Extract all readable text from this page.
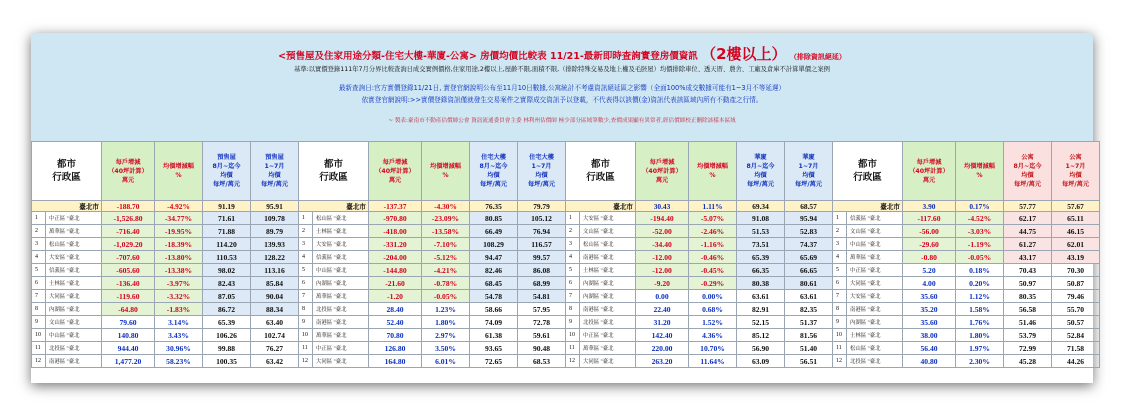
<預售屋及住家用途分類-住宅大樓-華廈-公寓> 房價均價比較表 11/21-最新即時查詢實登房價資訊 （2樓以上） （排除資訊絕延）
基準:以實價登錄111年7月分界比較查詢日成交實例價格,住家用途,2樓以上,屋齡不限,面積不限,（排除特殊交易及地上權及毛胚屋）均價排除車位、透天厝、農舍、工廠及倉庫不計算單價之案例
最新查詢日:官方實價登錄11/21日, 實登官網說明公布至11月10日數據,公寓統計不考慮資訊絕延區之影響（全面100%成交數據可能有1~3月不等延遲）
依實登官網說明:>>實價登錄資訊僅就發生交易案件之實際成交資訊予以登載，不代表得以該價(金)資訊代表該區域內所有不動產之行情。
~ 製表:臺南市不動產估價師公會 資訊流通委員會主委 林利州估價師 極少部分區域筆數少,查價成果顯有異常者,經估價師校正刪除該樣本區域
都市
行政區		每戶增減
（40坪計算）
萬元	均價增減幅
%	預售屋
8月~迄今
均價
每坪/萬元	預售屋
1~7月
均價
每坪/萬元
臺北市		-188.70	-4.92%	91.19	95.91
1	中正區 "臺北	-1,526.80	-34.77%	71.61	109.78
2	萬華區 "臺北	-716.40	-19.95%	71.88	89.79
3	松山區 "臺北	-1,029.20	-18.39%	114.20	139.93
4	大安區 "臺北	-707.60	-13.80%	110.53	128.22
5	信義區 "臺北	-605.60	-13.38%	98.02	113.16
6	士林區 "臺北	-136.40	-3.97%	82.43	85.84
7	大同區 "臺北	-119.60	-3.32%	87.05	90.04
8	內湖區 "臺北	-64.80	-1.83%	86.72	88.34
9	文山區 "臺北	79.60	3.14%	65.39	63.40
10	中山區 "臺北	140.80	3.43%	106.26	102.74
11	北投區 "臺北	944.40	30.96%	99.88	76.27
12	南港區 "臺北	1,477.20	58.23%	100.35	63.42
都市
行政區		每戶增減
（40坪計算）
萬元	均價增減幅
%	住宅大樓
8月~迄今
均價
每坪/萬元	住宅大樓
1~7月
均價
每坪/萬元
臺北市		-137.37	-4.30%	76.35	79.79
1	松山區 "臺北	-970.80	-23.09%	80.85	105.12
2	士林區 "臺北	-418.00	-13.58%	66.49	76.94
3	大安區 "臺北	-331.20	-7.10%	108.29	116.57
4	信義區 "臺北	-204.00	-5.12%	94.47	99.57
5	中山區 "臺北	-144.80	-4.21%	82.46	86.08
6	內湖區 "臺北	-21.60	-0.78%	68.45	68.99
7	萬華區 "臺北	-1.20	-0.05%	54.78	54.81
8	北投區 "臺北	28.40	1.23%	58.66	57.95
9	南港區 "臺北	52.40	1.80%	74.09	72.78
10	萬華區 "臺北	70.80	2.97%	61.38	59.61
11	中正區 "臺北	126.80	3.50%	93.65	90.48
12	大同區 "臺北	164.80	6.01%	72.65	68.53
都市
行政區		每戶增減
（40坪計算）
萬元	均價增減幅
%	華廈
8月~迄今
均價
每坪/萬元	華廈
1~7月
均價
每坪/萬元
臺北市		30.43	1.11%	69.34	68.57
1	大安區 "臺北	-194.40	-5.07%	91.08	95.94
2	文山區 "臺北	-52.00	-2.46%	51.53	52.83
3	松山區 "臺北	-34.40	-1.16%	73.51	74.37
4	南港區 "臺北	-12.00	-0.46%	65.39	65.69
5	士林區 "臺北	-12.00	-0.45%	66.35	66.65
6	內湖區 "臺北	-9.20	-0.29%	80.38	80.61
7	內湖區 "臺北	0.00	0.00%	63.61	63.61
8	南港區 "臺北	22.40	0.68%	82.91	82.35
9	北投區 "臺北	31.20	1.52%	52.15	51.37
10	中正區 "臺北	142.40	4.36%	85.12	81.56
11	萬華區 "臺北	220.00	10.70%	56.90	51.40
12	大同區 "臺北	263.20	11.64%	63.09	56.51
都市
行政區		每戶增減
（40坪計算）
萬元	均價增減幅
%	公寓
8月~迄今
均價
每坪/萬元	公寓
1~7月
均價
每坪/萬元
臺北市		3.90	0.17%	57.77	57.67
1	信義區 "臺北	-117.60	-4.52%	62.17	65.11
2	文山區 "臺北	-56.00	-3.03%	44.75	46.15
3	中山區 "臺北	-29.60	-1.19%	61.27	62.01
4	萬華區 "臺北	-0.80	-0.05%	43.17	43.19
5	中正區 "臺北	5.20	0.18%	70.43	70.30
6	大同區 "臺北	4.00	0.20%	50.97	50.87
7	大安區 "臺北	35.60	1.12%	80.35	79.46
8	南港區 "臺北	35.20	1.58%	56.58	55.70
9	內湖區 "臺北	35.60	1.76%	51.46	50.57
10	士林區 "臺北	38.00	1.80%	53.79	52.84
11	松山區 "臺北	56.40	1.97%	72.99	71.58
12	北投區 "臺北	40.80	2.30%	45.28	44.26
